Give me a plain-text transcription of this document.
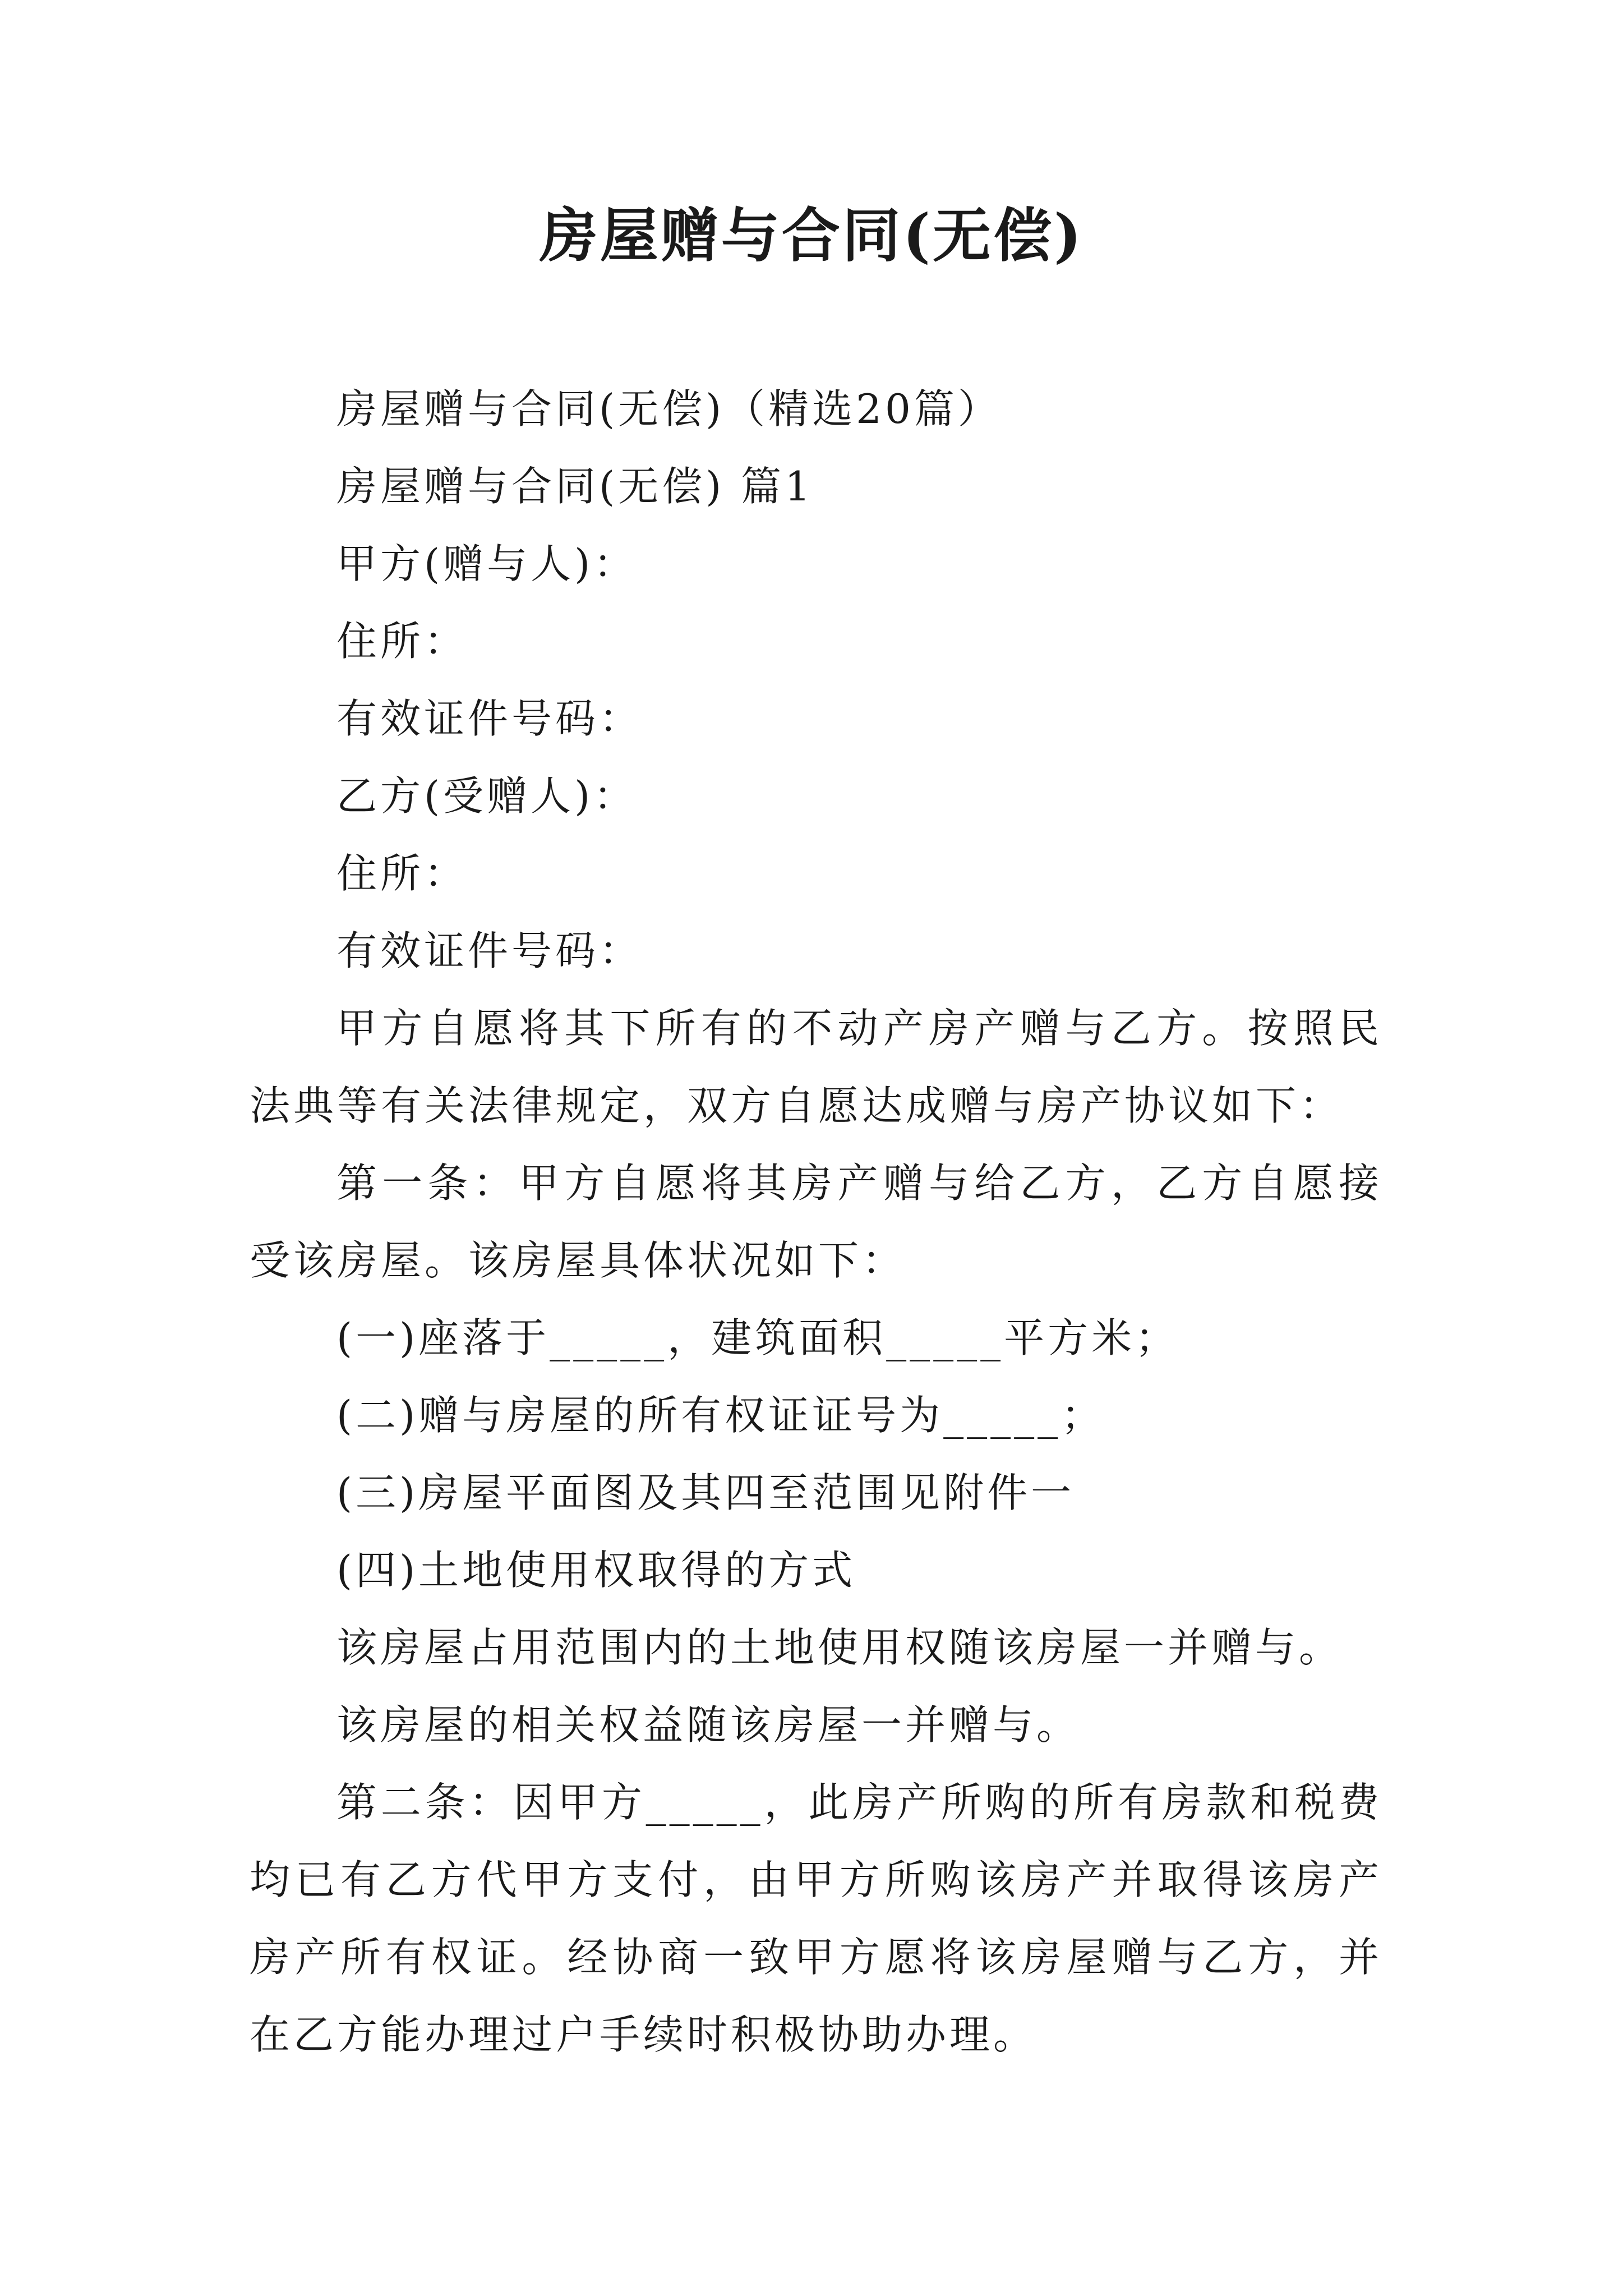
房屋赠与合同(无偿)

房屋赠与合同(无偿)（精选20篇）

房屋赠与合同(无偿) 篇1

甲方(赠与人)：

住所：

有效证件号码：

乙方(受赠人)：

住所：

有效证件号码：

甲方自愿将其下所有的不动产房产赠与乙方。按照民法典等有关法律规定，双方自愿达成赠与房产协议如下：

第一条：甲方自愿将其房产赠与给乙方，乙方自愿接受该房屋。该房屋具体状况如下：

(一)座落于_____，建筑面积_____平方米；

(二)赠与房屋的所有权证证号为_____；

(三)房屋平面图及其四至范围见附件一

(四)土地使用权取得的方式

该房屋占用范围内的土地使用权随该房屋一并赠与。

该房屋的相关权益随该房屋一并赠与。

第二条：因甲方_____，此房产所购的所有房款和税费均已有乙方代甲方支付，由甲方所购该房产并取得该房产房产所有权证。经协商一致甲方愿将该房屋赠与乙方，并在乙方能办理过户手续时积极协助办理。
